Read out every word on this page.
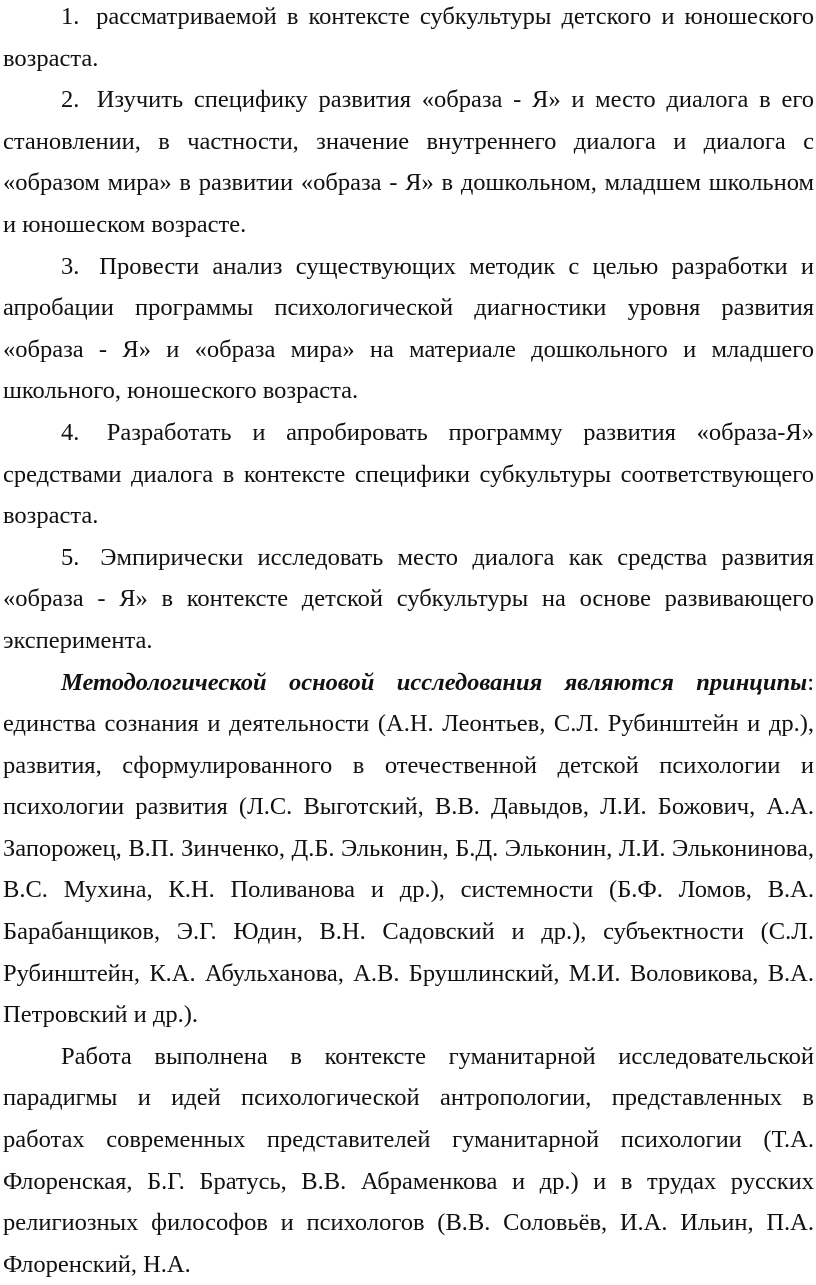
1. рассматриваемой в контексте субкультуры детского и юношеского возраста.

2. Изучить специфику развития «образа - Я» и место диалога в его становлении, в частности, значение внутреннего диалога и диалога с «образом мира» в развитии «образа - Я» в дошкольном, младшем школьном и юношеском возрасте.

3. Провести анализ существующих методик с целью разработки и апробации программы психологической диагностики уровня развития «образа - Я» и «образа мира» на материале дошкольного и младшего школьного, юношеского возраста.

4. Разработать и апробировать программу развития «образа-Я» средствами диалога в контексте специфики субкультуры соответствующего возраста.

5. Эмпирически исследовать место диалога как средства развития «образа - Я» в контексте детской субкультуры на основе развивающего эксперимента.

Методологической основой исследования являются принципы: единства сознания и деятельности (А.Н. Леонтьев, С.Л. Рубинштейн и др.), развития, сформулированного в отечественной детской психологии и психологии развития (Л.С. Выготский, В.В. Давыдов, Л.И. Божович, А.А. Запорожец, В.П. Зинченко, Д.Б. Эльконин, Б.Д. Эльконин, Л.И. Эльконинова, В.С. Мухина, К.Н. Поливанова и др.), системности (Б.Ф. Ломов, В.А. Барабанщиков, Э.Г. Юдин, В.Н. Садовский и др.), субъектности (С.Л. Рубинштейн, К.А. Абульханова, А.В. Брушлинский, М.И. Воловикова, В.А. Петровский и др.).

Работа выполнена в контексте гуманитарной исследовательской парадигмы и идей психологической антропологии, представленных в работах современных представителей гуманитарной психологии (Т.А. Флоренская, Б.Г. Братусь, В.В. Абраменкова и др.) и в трудах русских религиозных философов и психологов (В.В. Соловьёв, И.А. Ильин, П.А. Флоренский, Н.А.
